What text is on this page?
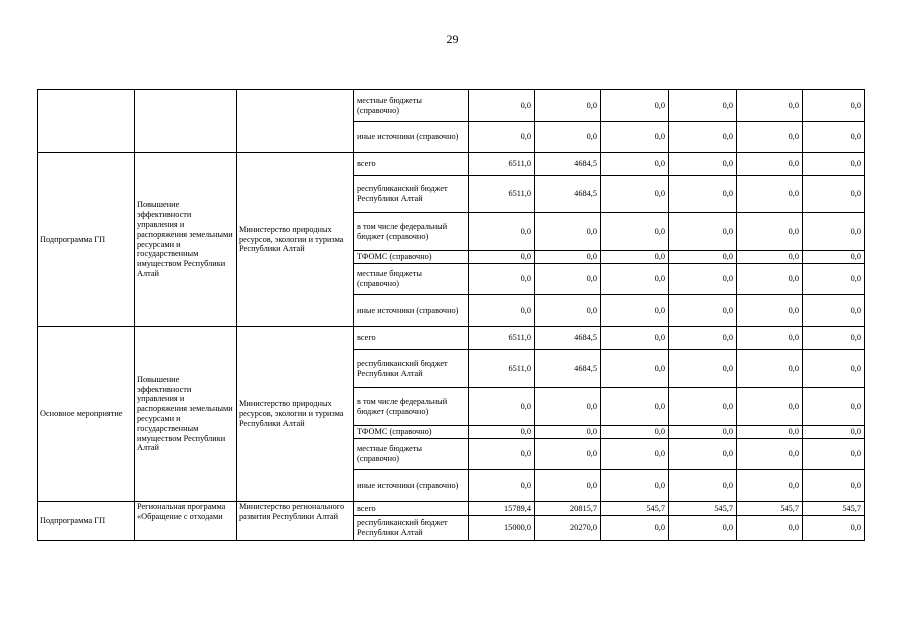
29
			местные бюджеты (справочно)	0,0	0,0	0,0	0,0	0,0	0,0
			иные источники (справочно)	0,0	0,0	0,0	0,0	0,0	0,0
Подпрограмма ГП	Повышение эффективности управления и распоряжения земельными ресурсами и государственным имуществом Республики Алтай	Министерство природных ресурсов, экологии и туризма Республики Алтай	всего	6511,0	4684,5	0,0	0,0	0,0	0,0
			республиканский бюджет Республики Алтай	6511,0	4684,5	0,0	0,0	0,0	0,0
			в том числе федеральный бюджет (справочно)	0,0	0,0	0,0	0,0	0,0	0,0
			ТФОМС (справочно)	0,0	0,0	0,0	0,0	0,0	0,0
			местные бюджеты (справочно)	0,0	0,0	0,0	0,0	0,0	0,0
			иные источники (справочно)	0,0	0,0	0,0	0,0	0,0	0,0
Основное мероприятие	Повышение эффективности управления и распоряжения земельными ресурсами и государственным имуществом Республики Алтай	Министерство природных ресурсов, экологии и туризма Республики Алтай	всего	6511,0	4684,5	0,0	0,0	0,0	0,0
			республиканский бюджет Республики Алтай	6511,0	4684,5	0,0	0,0	0,0	0,0
			в том числе федеральный бюджет (справочно)	0,0	0,0	0,0	0,0	0,0	0,0
			ТФОМС (справочно)	0,0	0,0	0,0	0,0	0,0	0,0
			местные бюджеты (справочно)	0,0	0,0	0,0	0,0	0,0	0,0
			иные источники (справочно)	0,0	0,0	0,0	0,0	0,0	0,0
Подпрограмма ГП	Региональная программа «Обращение с отходами	Министерство регионального развития Республики Алтай	всего	15789,4	20815,7	545,7	545,7	545,7	545,7
			республиканский бюджет Республики Алтай	15000,0	20270,0	0,0	0,0	0,0	0,0
